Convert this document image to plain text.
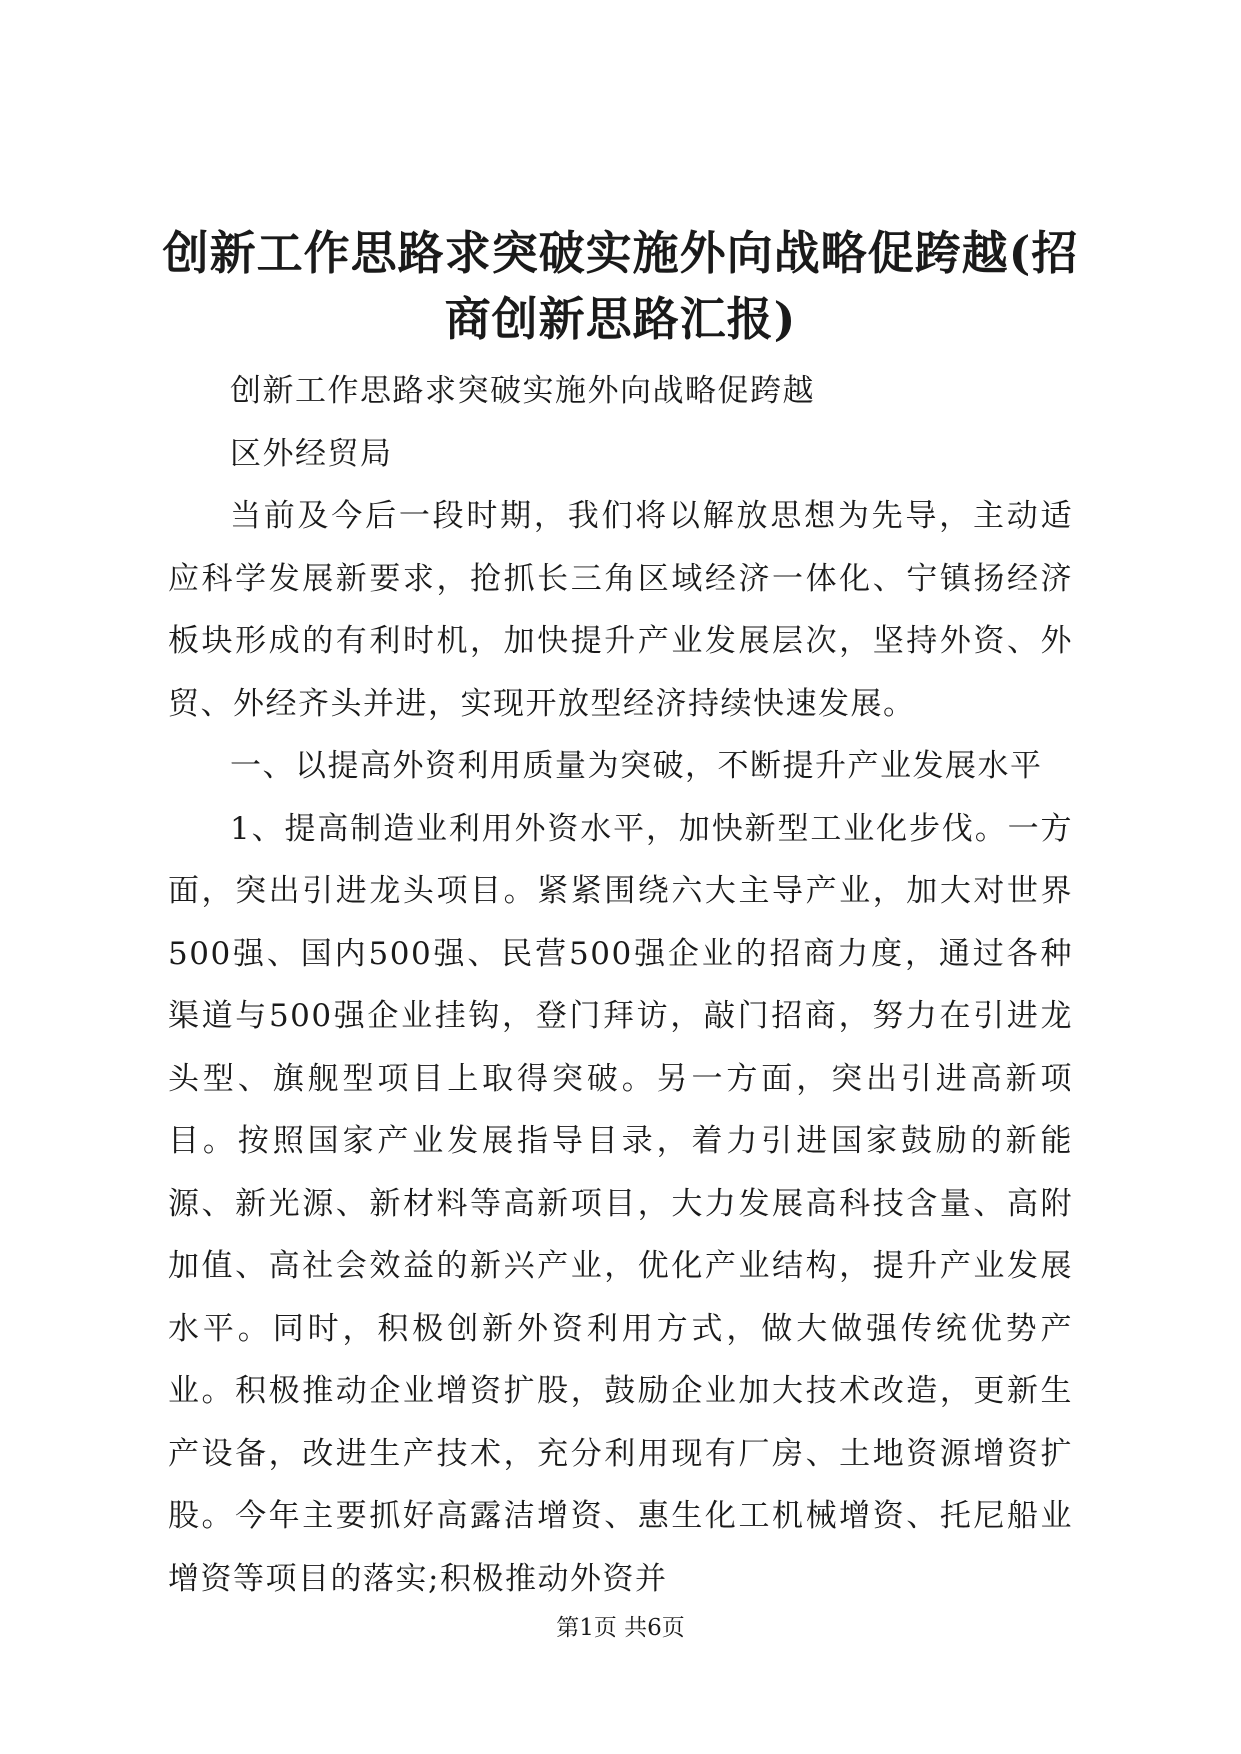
创新工作思路求突破实施外向战略促跨越(招商创新思路汇报)

创新工作思路求突破实施外向战略促跨越

区外经贸局

当前及今后一段时期，我们将以解放思想为先导，主动适应科学发展新要求，抢抓长三角区域经济一体化、宁镇扬经济板块形成的有利时机，加快提升产业发展层次，坚持外资、外贸、外经齐头并进，实现开放型经济持续快速发展。

一、以提高外资利用质量为突破，不断提升产业发展水平

1、提高制造业利用外资水平，加快新型工业化步伐。一方面，突出引进龙头项目。紧紧围绕六大主导产业，加大对世界500强、国内500强、民营500强企业的招商力度，通过各种渠道与500强企业挂钩，登门拜访，敲门招商，努力在引进龙头型、旗舰型项目上取得突破。另一方面，突出引进高新项目。按照国家产业发展指导目录，着力引进国家鼓励的新能源、新光源、新材料等高新项目，大力发展高科技含量、高附加值、高社会效益的新兴产业，优化产业结构，提升产业发展水平。同时，积极创新外资利用方式，做大做强传统优势产业。积极推动企业增资扩股，鼓励企业加大技术改造，更新生产设备，改进生产技术，充分利用现有厂房、土地资源增资扩股。今年主要抓好高露洁增资、惠生化工机械增资、托尼船业增资等项目的落实;积极推动外资并

第1页 共6页
